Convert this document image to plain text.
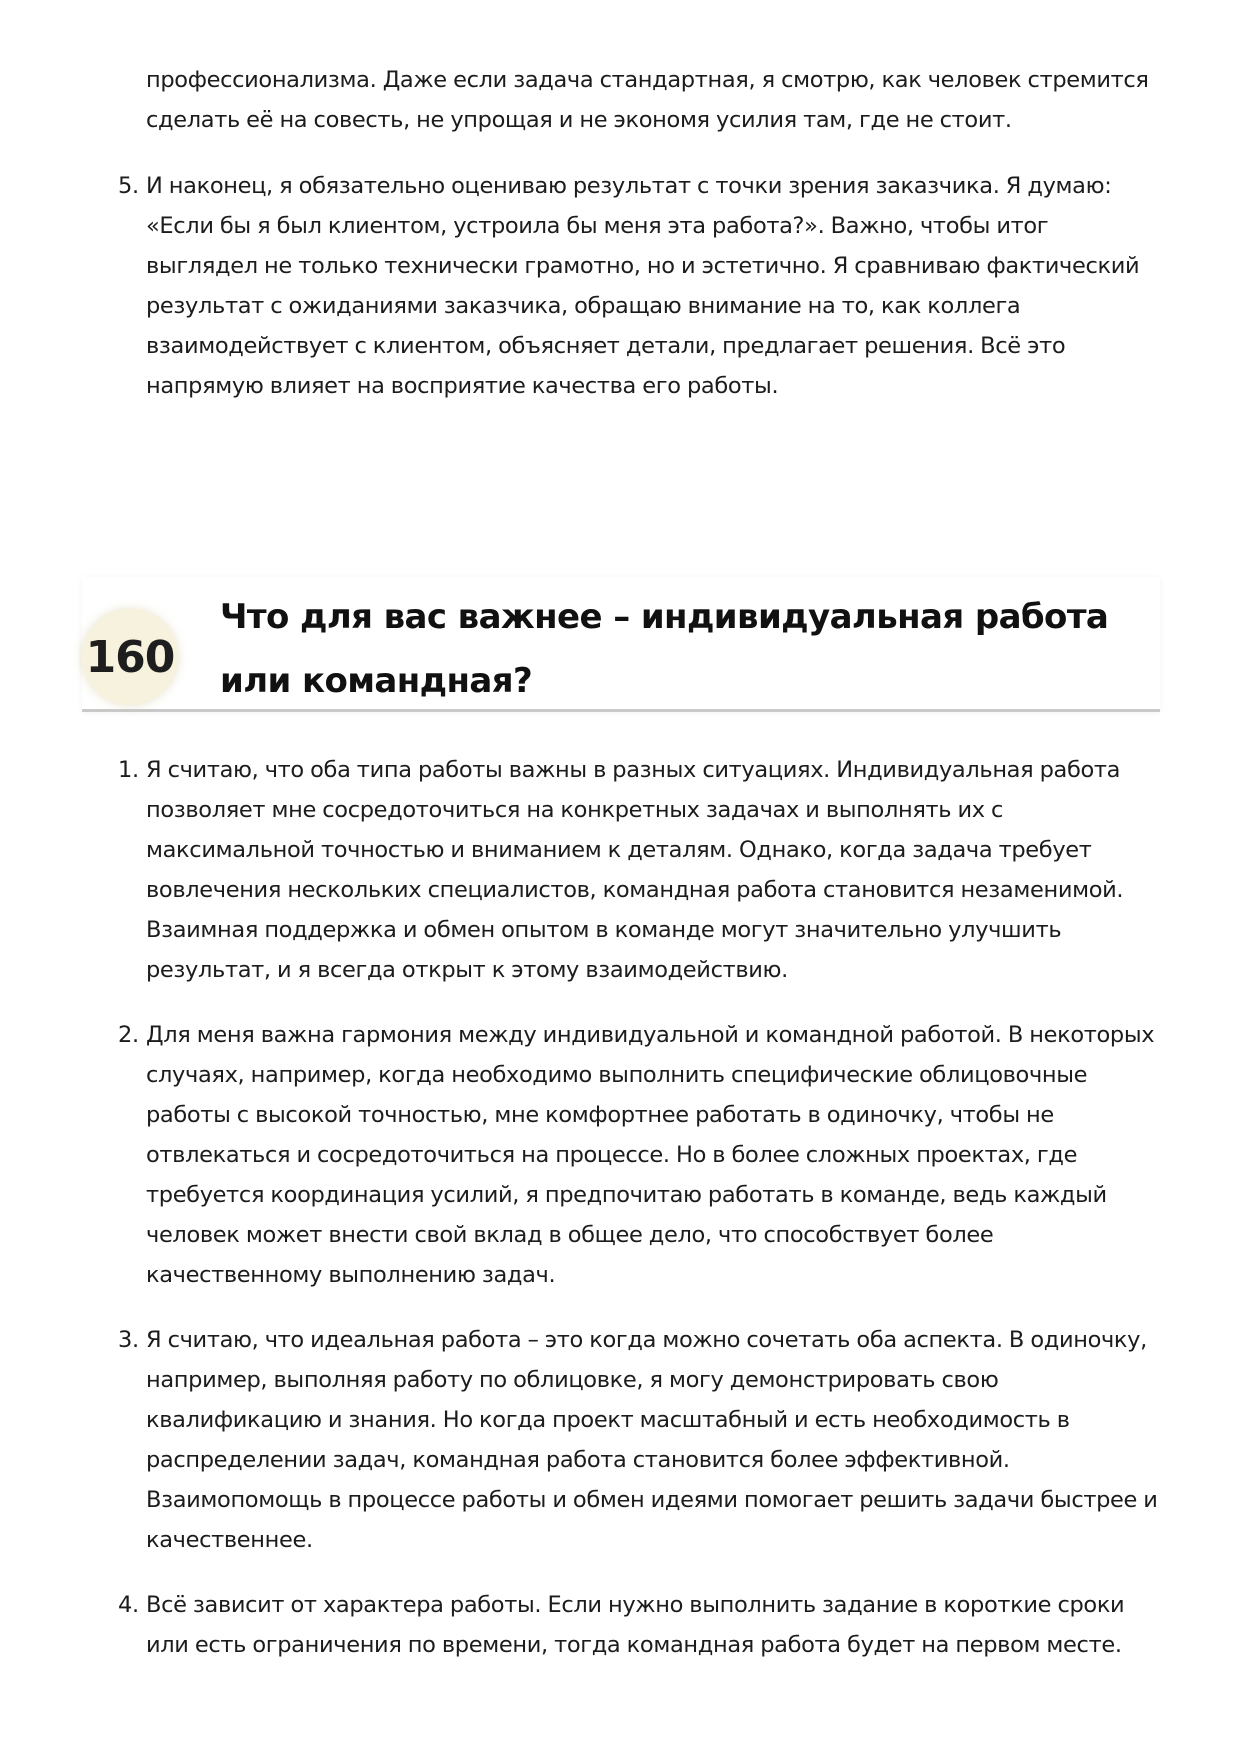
профессионализма. Даже если задача стандартная, я смотрю, как человек стремится сделать её на совесть, не упрощая и не экономя усилия там, где не стоит.
5. И наконец, я обязательно оцениваю результат с точки зрения заказчика. Я думаю: «Если бы я был клиентом, устроила бы меня эта работа?». Важно, чтобы итог выглядел не только технически грамотно, но и эстетично. Я сравниваю фактический результат с ожиданиями заказчика, обращаю внимание на то, как коллега взаимодействует с клиентом, объясняет детали, предлагает решения. Всё это напрямую влияет на восприятие качества его работы.
160
Что для вас важнее – индивидуальная работа или командная?
1. Я считаю, что оба типа работы важны в разных ситуациях. Индивидуальная работа позволяет мне сосредоточиться на конкретных задачах и выполнять их с максимальной точностью и вниманием к деталям. Однако, когда задача требует вовлечения нескольких специалистов, командная работа становится незаменимой. Взаимная поддержка и обмен опытом в команде могут значительно улучшить результат, и я всегда открыт к этому взаимодействию.
2. Для меня важна гармония между индивидуальной и командной работой. В некоторых случаях, например, когда необходимо выполнить специфические облицовочные работы с высокой точностью, мне комфортнее работать в одиночку, чтобы не отвлекаться и сосредоточиться на процессе. Но в более сложных проектах, где требуется координация усилий, я предпочитаю работать в команде, ведь каждый человек может внести свой вклад в общее дело, что способствует более качественному выполнению задач.
3. Я считаю, что идеальная работа – это когда можно сочетать оба аспекта. В одиночку, например, выполняя работу по облицовке, я могу демонстрировать свою квалификацию и знания. Но когда проект масштабный и есть необходимость в распределении задач, командная работа становится более эффективной. Взаимопомощь в процессе работы и обмен идеями помогает решить задачи быстрее и качественнее.
4. Всё зависит от характера работы. Если нужно выполнить задание в короткие сроки или есть ограничения по времени, тогда командная работа будет на первом месте.
